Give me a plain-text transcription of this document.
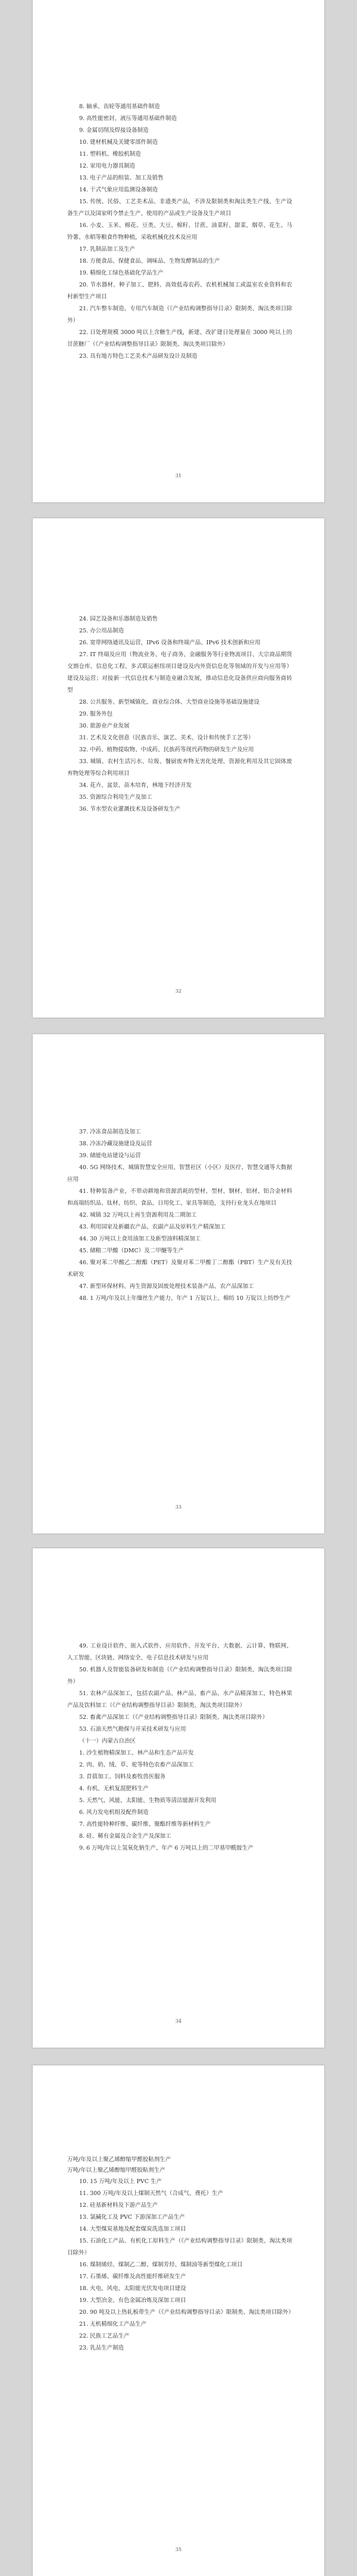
8. 轴承、齿轮等通用基础件制造

9. 高性能密封、液压等通用基础件制造

9. 金属切削及焊接设备制造

10. 建材机械及关键零部件制造

11. 塑料机、橡胶机制造

12. 家用电力器具制造

13. 电子产品的组装、加工及销售

14. 干式气象应用监测设备制造

15. 传统、民俗、工艺美术品、非遗类产品，不涉及限制类和淘汰类生产线、生产设备生产以及国家明令禁止生产、使用的产品或生产设备及生产项目

16. 小麦、玉米、棉花、豆类、大豆、棉籽、甘蔗、油菜籽、甜菜、烟草、花生、马铃薯、水稻等粮食作物种植，采收机械化技术及应用

17. 乳制品加工及生产

18. 方便食品、保健食品、调味品、生物发酵制品的生产

19. 精细化工绿色基础化学品生产

20. 节水器材、种子加工、肥料、高效低毒农药、农机机械加工或温室农业资料和农村新型生产项目

21. 汽车整车制造、专用汽车制造（《产业结构调整指导目录》限制类、淘汰类项目除外）

22. 日处理规模 3000 吨以上含糖生产线，新建、改扩建日处理量在 3000 吨以上的甘蔗糖厂（《产业结构调整指导目录》限制类、淘汰类项目除外）

23. 具有地方特色工艺美术产品研发设计及制造

31

24. 园艺设备和乐器制造及销售

25. 办公用品制造

26. 宽带网络通讯及运营，IPv6 设备和终端产品、IPv6 技术创新和应用

27. IT 终端及应用（物流业务、电子商务、金融服务等行业物流项目、大宗商品期货交割仓库、信息化工程、多式联运枢纽项目建设及内外资信息化等领域的开发与应用等）建设及运营；对接新一代信息技术与制造业融合发展，推动信息化设备供应商向服务商转型

28. 公共服务、新型城镇化、商业综合体、大型商业设施等基础设施建设

29. 服务外包

30. 旅游业产业发展

31. 艺术及文化创意（民族音乐、演艺、美术、设计和传统手工艺等）

32. 中药、植物提取物、中成药、民族药等现代药物的研发生产及应用

33. 城镇、农村生活污水、垃圾、餐厨废弃物无害化处理、资源化利用及其它固体废弃物处理等综合利用项目

34. 花卉、盆景、苗木培育，林地下经济开发

35. 资源综合利用生产及加工

36. 节水型农业灌溉技术及设备研发生产

32

37. 冷冻食品制造及加工

38. 冷冻冷藏设施建设及运营

39. 储能电站建设与运营

40. 5G 网络技术、城镇智慧安全应用、智慧社区（小区）及医疗、智慧交通等大数据应用

41. 特种装备产业，不带动耕地和资源消耗的型材、型材、钢材、铝材、铝合金材料和高端纺织品、钛材、纺织、食品、日用化工、家具等制造，支持行业龙头在地项目

42. 城镇 32 万吨以上再生资源利用及二期加工

43. 利用国家及新疆农产品、农副产品及原料生产精深加工

44. 30 万吨以上食用油加工及新型油料精深加工

45. 储粮二甲酸（DMC）及二甲醚等生产

46. 聚对苯二甲酸乙二醇酯（PET）及聚对苯二甲酸丁二醇酯（PBT）生产及有关技术研发

47. 新型环保材料、再生资源及固废处理技术装备产品、农产品深加工

48. 1 万吨/年及以上年缫丝生产能力、年产 1 万锭以上、棉纺 10 万锭以上纺纱生产

33

49. 工业设计软件、嵌入式软件、应用软件、开发平台、大数据、云计算、物联网、人工智能、区块链、网络安全、电子信息技术研发与应用

50. 机器人及智能装备研发和制造（《产业结构调整指导目录》限制类、淘汰类项目除外）

51. 农林产品深加工，包括农副产品、林产品、畜产品、水产品精深加工，特色林果产品及饮料加工（《产业结构调整指导目录》限制类、淘汰类项目除外）

52. 畜禽产品深加工（《产业结构调整指导目录》限制类、淘汰类项目除外）

53. 石油天然气勘探与开采技术研发与应用

（十一）内蒙古自治区

1. 沙生植物精深加工、林产品和生态产品开发

2. 肉、奶、绒、草、驼等特色农畜产品深加工

3. 苜蓿加工、饲料及畜牧兽医服务

4. 有机、无机复混肥料生产

5. 天然气、风能、太阳能、生物质等清洁能源开发利用

6. 风力发电机组及配件制造

7. 高性能特种纤维、碳纤维、聚酯纤维等新材料生产

8. 硅、稀有金属及合金生产及深加工

9. 6 万吨/年以上氢氧化钠生产、年产 6 万吨以上的二甲基甲酰胺生产

34

万吨/年及以上聚乙烯醇缩甲醛胶粘剂生产

万吨/年以上聚乙烯醇缩甲醛胶粘剂生产

10. 15 万吨/年及以上 PVC 生产

11. 300 万吨/年及以上煤制天然气（合成气、费托）生产

12. 硅基新材料及下游产品生产

13. 氯碱化工及 PVC 下游深加工产品生产

14. 大型煤炭基地及配套煤炭洗选加工项目

15. 石油化工产品、有机化工原料生产（《产业结构调整指导目录》限制类、淘汰类项目除外）

16. 煤制烯烃、煤制乙二醇、煤制芳烃、煤制油等新型煤化工项目

17. 石墨烯、碳纤维及高性能纤维研发生产

18. 火电、风电、太阳能光伏发电项目建设

19. 大型冶金、有色金属冶炼及深加工项目

20. 90 吨及以上热轧板带生产（《产业结构调整指导目录》限制类、淘汰类项目除外）

21. 无机精细化工产品生产

22. 民族工艺品生产

23. 乳品生产制造

35
